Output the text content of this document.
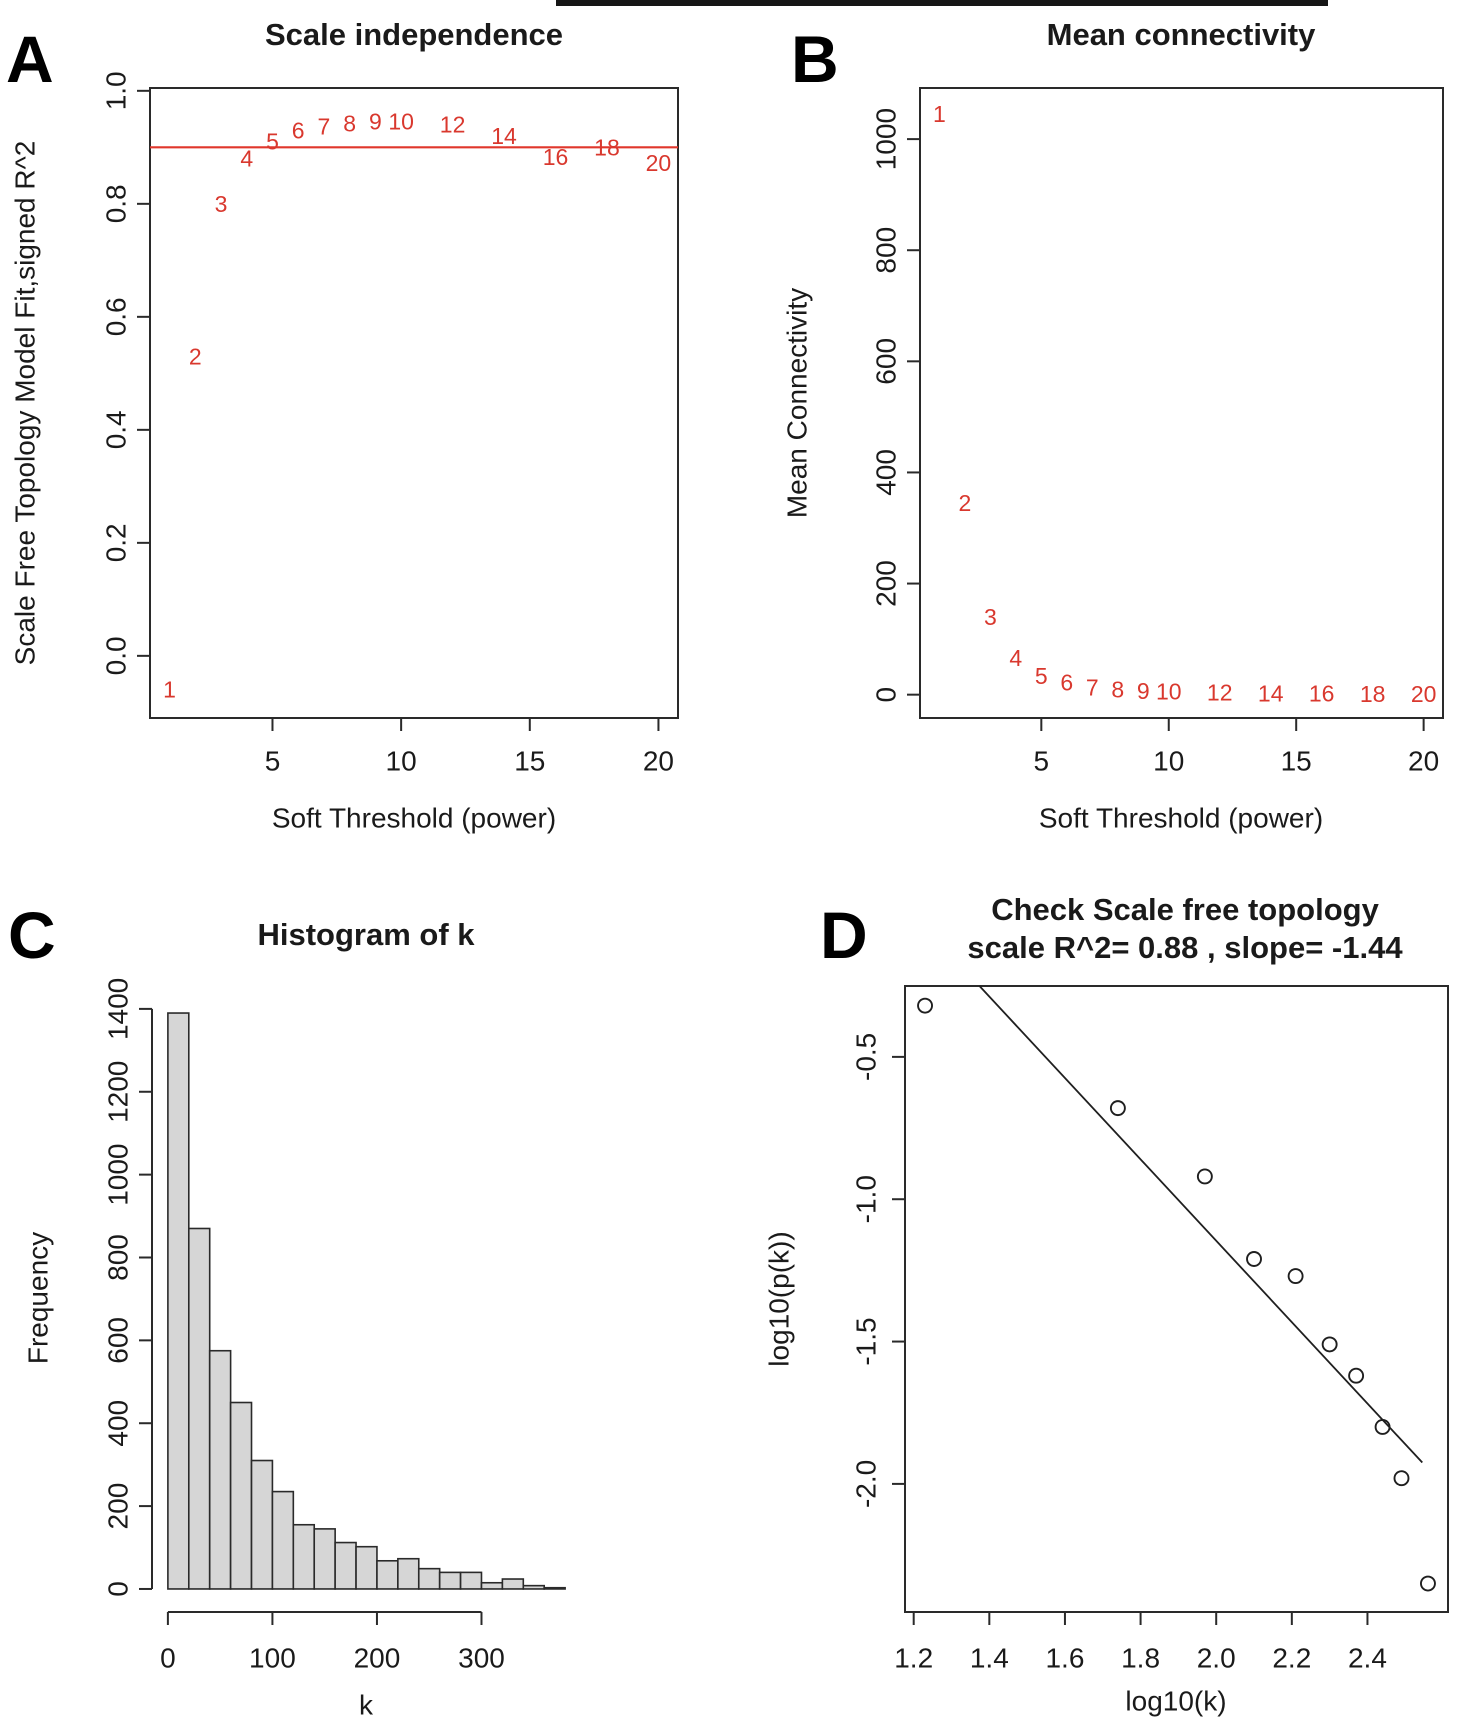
A	Scale independence
5	10	15	20
0.0
0.2
0.4
0.6
0.8
1.0
Soft Threshold (power)
Scale Free Topology Model Fit,signed R^2
1
2
3
4
5 6 7 8 9 10 12 14
16 18
20
B	Mean connectivity
5	10	15	20
0
200
400
600
800
1000
Soft Threshold (power)
Mean Connectivity
1
2
3
4
5 6 7 8 9 10 12 14 16 18 20
C	Histogram of k
0	100 200 300
0
200
400
600
800
1000
1200
1400
k
Frequency
D	Check Scale free topology
scale R^2= 0.88 , slope= -1.44
1.2 1.4 1.6 1.8 2.0 2.2 2.4
-2.0
-1.5
-1.0
-0.5
log10(k)
log10(p(k))
